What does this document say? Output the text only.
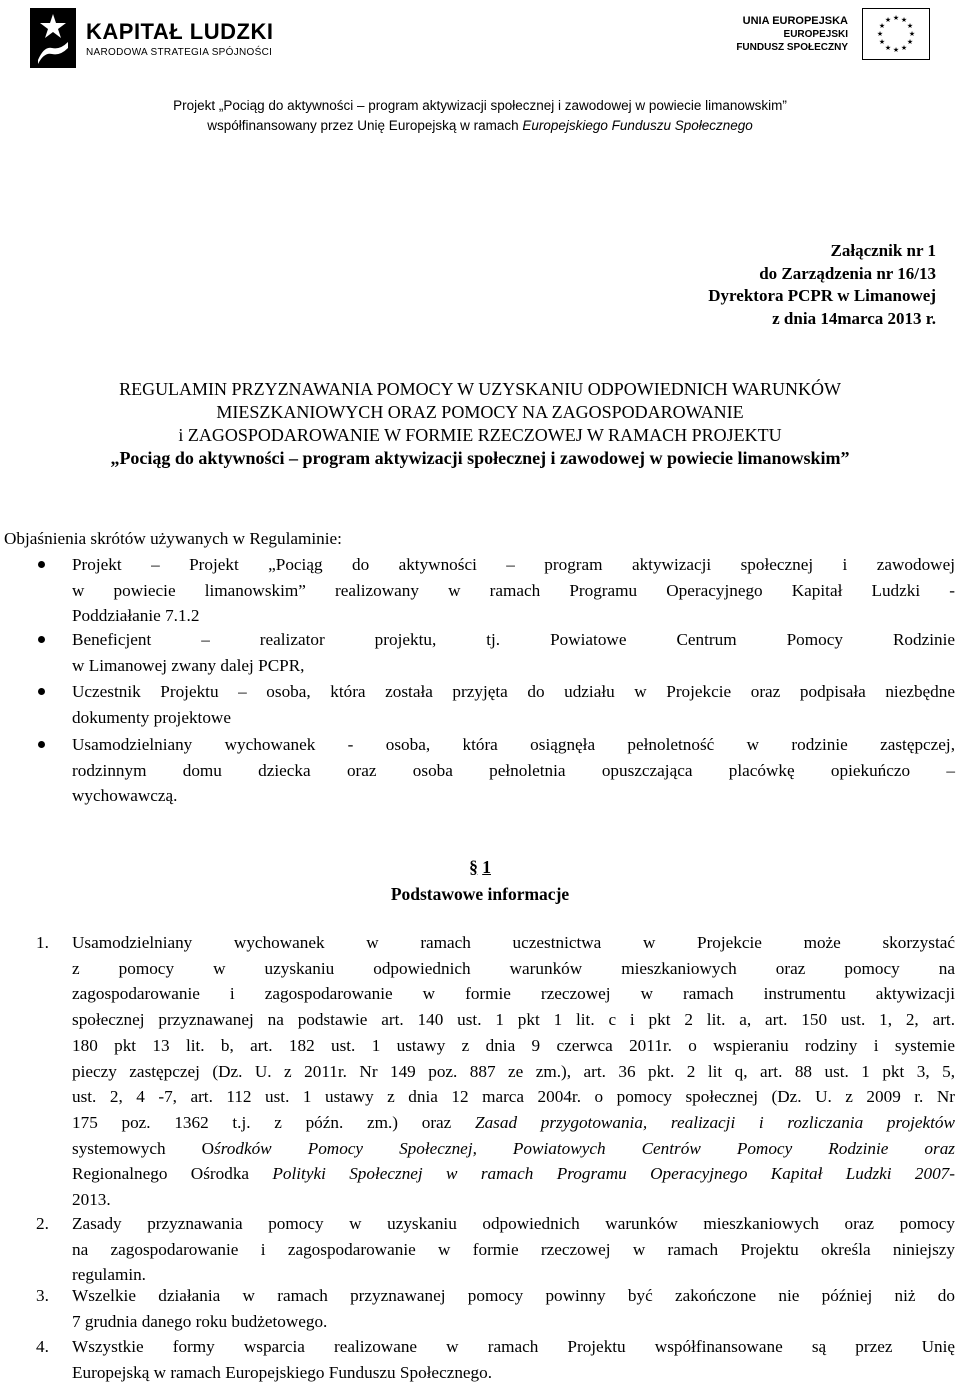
KAPITAŁ LUDZKI
NARODOWA STRATEGIA SPÓJNOŚCI
UNIA EUROPEJSKA
EUROPEJSKI
FUNDUSZ SPOŁECZNY
★ ★
★
★
★
★
★
★
★
★
★
★
Projekt „Pociąg do aktywności – program aktywizacji społecznej i zawodowej w powiecie limanowskim”
współfinansowany przez Unię Europejską w ramach Europejskiego Funduszu Społecznego
Załącznik nr 1
do Zarządzenia nr 16/13
Dyrektora PCPR w Limanowej
z dnia 14marca 2013 r.
REGULAMIN PRZYZNAWANIA POMOCY W UZYSKANIU ODPOWIEDNICH WARUNKÓW
MIESZKANIOWYCH ORAZ POMOCY NA ZAGOSPODAROWANIE
i ZAGOSPODAROWANIE W FORMIE RZECZOWEJ W RAMACH PROJEKTU
„Pociąg do aktywności – program aktywizacji społecznej i zawodowej w powiecie limanowskim”
Objaśnienia skrótów używanych w Regulaminie:
Projekt – Projekt „Pociąg do aktywności – program aktywizacji społecznej i zawodowej
w powiecie limanowskim” realizowany w ramach Programu Operacyjnego Kapitał Ludzki -
Poddziałanie 7.1.2
Beneficjent – realizator projektu, tj. Powiatowe Centrum Pomocy Rodzinie
w Limanowej zwany dalej PCPR,
Uczestnik Projektu – osoba, która została przyjęta do udziału w Projekcie oraz podpisała niezbędne
dokumenty projektowe
Usamodzielniany wychowanek - osoba, która osiągnęła pełnoletność w rodzinie zastępczej,
rodzinnym domu dziecka oraz osoba pełnoletnia opuszczająca placówkę opiekuńczo –
wychowawczą.
§ 1
Podstawowe informacje
1. Usamodzielniany wychowanek w ramach uczestnictwa w Projekcie może skorzystać
z pomocy w uzyskaniu odpowiednich warunków mieszkaniowych oraz pomocy na
zagospodarowanie i zagospodarowanie w formie rzeczowej w ramach instrumentu aktywizacji
społecznej przyznawanej na podstawie art. 140 ust. 1 pkt 1 lit. c i pkt 2 lit. a, art. 150 ust. 1, 2, art.
180 pkt 13 lit. b, art. 182 ust. 1 ustawy z dnia 9 czerwca 2011r. o wspieraniu rodziny i systemie
pieczy zastępczej (Dz. U. z 2011r. Nr 149 poz. 887 ze zm.), art. 36 pkt. 2 lit q, art. 88 ust. 1 pkt 3, 5,
ust. 2, 4 -7, art. 112 ust. 1 ustawy z dnia 12 marca 2004r. o pomocy społecznej (Dz. U. z 2009 r. Nr
175 poz. 1362 t.j. z późn. zm.) oraz Zasad przygotowania, realizacji i rozliczania projektów
systemowych Ośrodków Pomocy Społecznej, Powiatowych Centrów Pomocy Rodzinie oraz
Regionalnego Ośrodka Polityki Społecznej w ramach Programu Operacyjnego Kapitał Ludzki 2007-
2013.
2. Zasady przyznawania pomocy w uzyskaniu odpowiednich warunków mieszkaniowych oraz pomocy
na zagospodarowanie i zagospodarowanie w formie rzeczowej w ramach Projektu określa niniejszy
regulamin.
3. Wszelkie działania w ramach przyznawanej pomocy powinny być zakończone nie później niż do
7 grudnia danego roku budżetowego.
4. Wszystkie formy wsparcia realizowane w ramach Projektu współfinansowane są przez Unię
Europejską w ramach Europejskiego Funduszu Społecznego.
